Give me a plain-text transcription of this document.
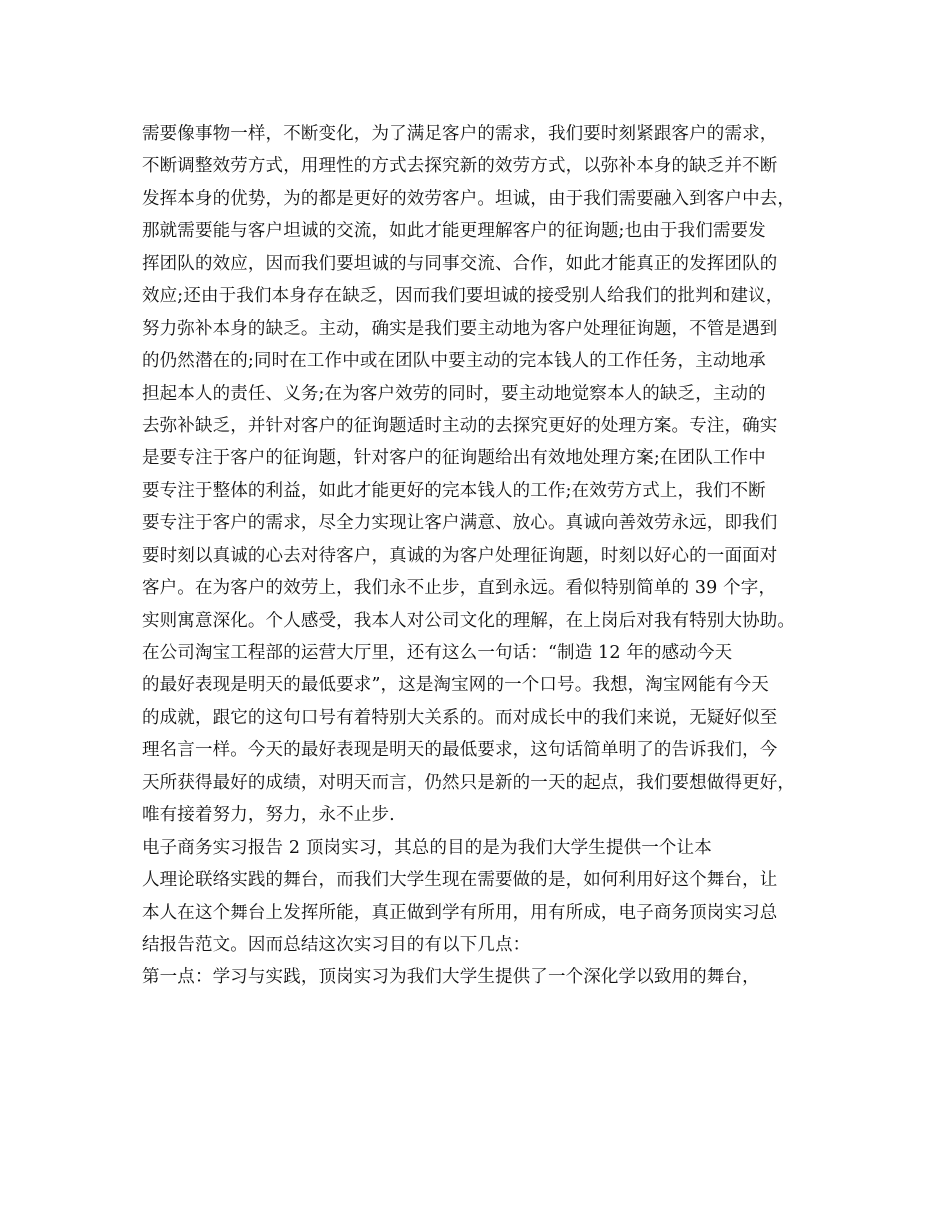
需要像事物一样，不断变化，为了满足客户的需求，我们要时刻紧跟客户的需求，
不断调整效劳方式，用理性的方式去探究新的效劳方式，以弥补本身的缺乏并不断
发挥本身的优势，为的都是更好的效劳客户。坦诚，由于我们需要融入到客户中去，
那就需要能与客户坦诚的交流，如此才能更理解客户的征询题;也由于我们需要发
挥团队的效应，因而我们要坦诚的与同事交流、合作，如此才能真正的发挥团队的
效应;还由于我们本身存在缺乏，因而我们要坦诚的接受别人给我们的批判和建议，
努力弥补本身的缺乏。主动，确实是我们要主动地为客户处理征询题，不管是遇到
的仍然潜在的;同时在工作中或在团队中要主动的完本钱人的工作任务，主动地承
担起本人的责任、义务;在为客户效劳的同时，要主动地觉察本人的缺乏，主动的
去弥补缺乏，并针对客户的征询题适时主动的去探究更好的处理方案。专注，确实
是要专注于客户的征询题，针对客户的征询题给出有效地处理方案;在团队工作中
要专注于整体的利益，如此才能更好的完本钱人的工作;在效劳方式上，我们不断
要专注于客户的需求，尽全力实现让客户满意、放心。真诚向善效劳永远，即我们
要时刻以真诚的心去对待客户，真诚的为客户处理征询题，时刻以好心的一面面对
客户。在为客户的效劳上，我们永不止步，直到永远。看似特别简单的 39 个字，
实则寓意深化。个人感受，我本人对公司文化的理解，在上岗后对我有特别大协助。
在公司淘宝工程部的运营大厅里，还有这么一句话：“制造 12 年的感动今天
的最好表现是明天的最低要求”，这是淘宝网的一个口号。我想，淘宝网能有今天
的成就，跟它的这句口号有着特别大关系的。而对成长中的我们来说，无疑好似至
理名言一样。今天的最好表现是明天的最低要求，这句话简单明了的告诉我们，今
天所获得最好的成绩，对明天而言，仍然只是新的一天的起点，我们要想做得更好，
唯有接着努力，努力，永不止步.
电子商务实习报告 2 顶岗实习，其总的目的是为我们大学生提供一个让本
人理论联络实践的舞台，而我们大学生现在需要做的是，如何利用好这个舞台，让
本人在这个舞台上发挥所能，真正做到学有所用，用有所成，电子商务顶岗实习总
结报告范文。因而总结这次实习目的有以下几点：
第一点：学习与实践，顶岗实习为我们大学生提供了一个深化学以致用的舞台，
